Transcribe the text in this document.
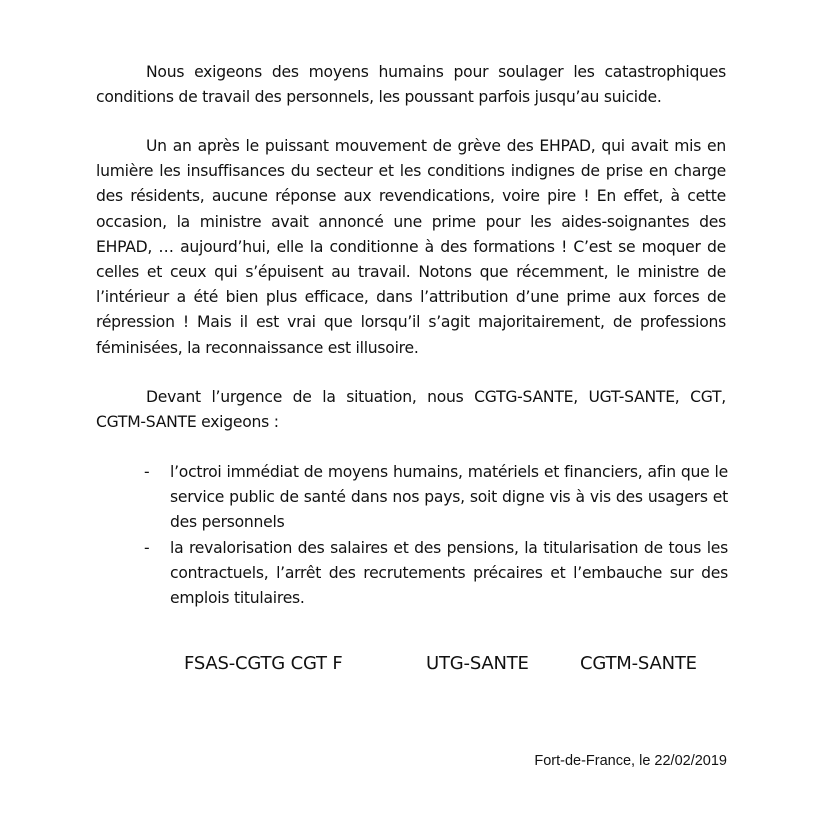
Nous exigeons des moyens humains pour soulager les catastrophiques conditions de travail des personnels, les poussant parfois jusqu’au suicide.

Un an après le puissant mouvement de grève des EHPAD, qui avait mis en lumière les insuffisances du secteur et les conditions indignes de prise en charge des résidents, aucune réponse aux revendications, voire pire ! En effet, à cette occasion, la ministre avait annoncé une prime pour les aides-soignantes des EHPAD, … aujourd’hui, elle la conditionne à des formations ! C’est se moquer de celles et ceux qui s’épuisent au travail. Notons que récemment, le ministre de l’intérieur a été bien plus efficace, dans l’attribution d’une prime aux forces de répression ! Mais il est vrai que lorsqu’il s’agit majoritairement, de professions féminisées, la reconnaissance est illusoire.

Devant l’urgence de la situation, nous CGTG-SANTE, UGT-SANTE, CGT, CGTM-SANTE exigeons :

- l’octroi immédiat de moyens humains, matériels et financiers, afin que le service public de santé dans nos pays, soit digne vis à vis des usagers et des personnels
- la revalorisation des salaires et des pensions, la titularisation de tous les contractuels, l’arrêt des recrutements précaires et l’embauche sur des emplois titulaires.
FSAS-CGTG CGT F	UTG-SANTE	CGTM-SANTE
Fort-de-France, le 22/02/2019
